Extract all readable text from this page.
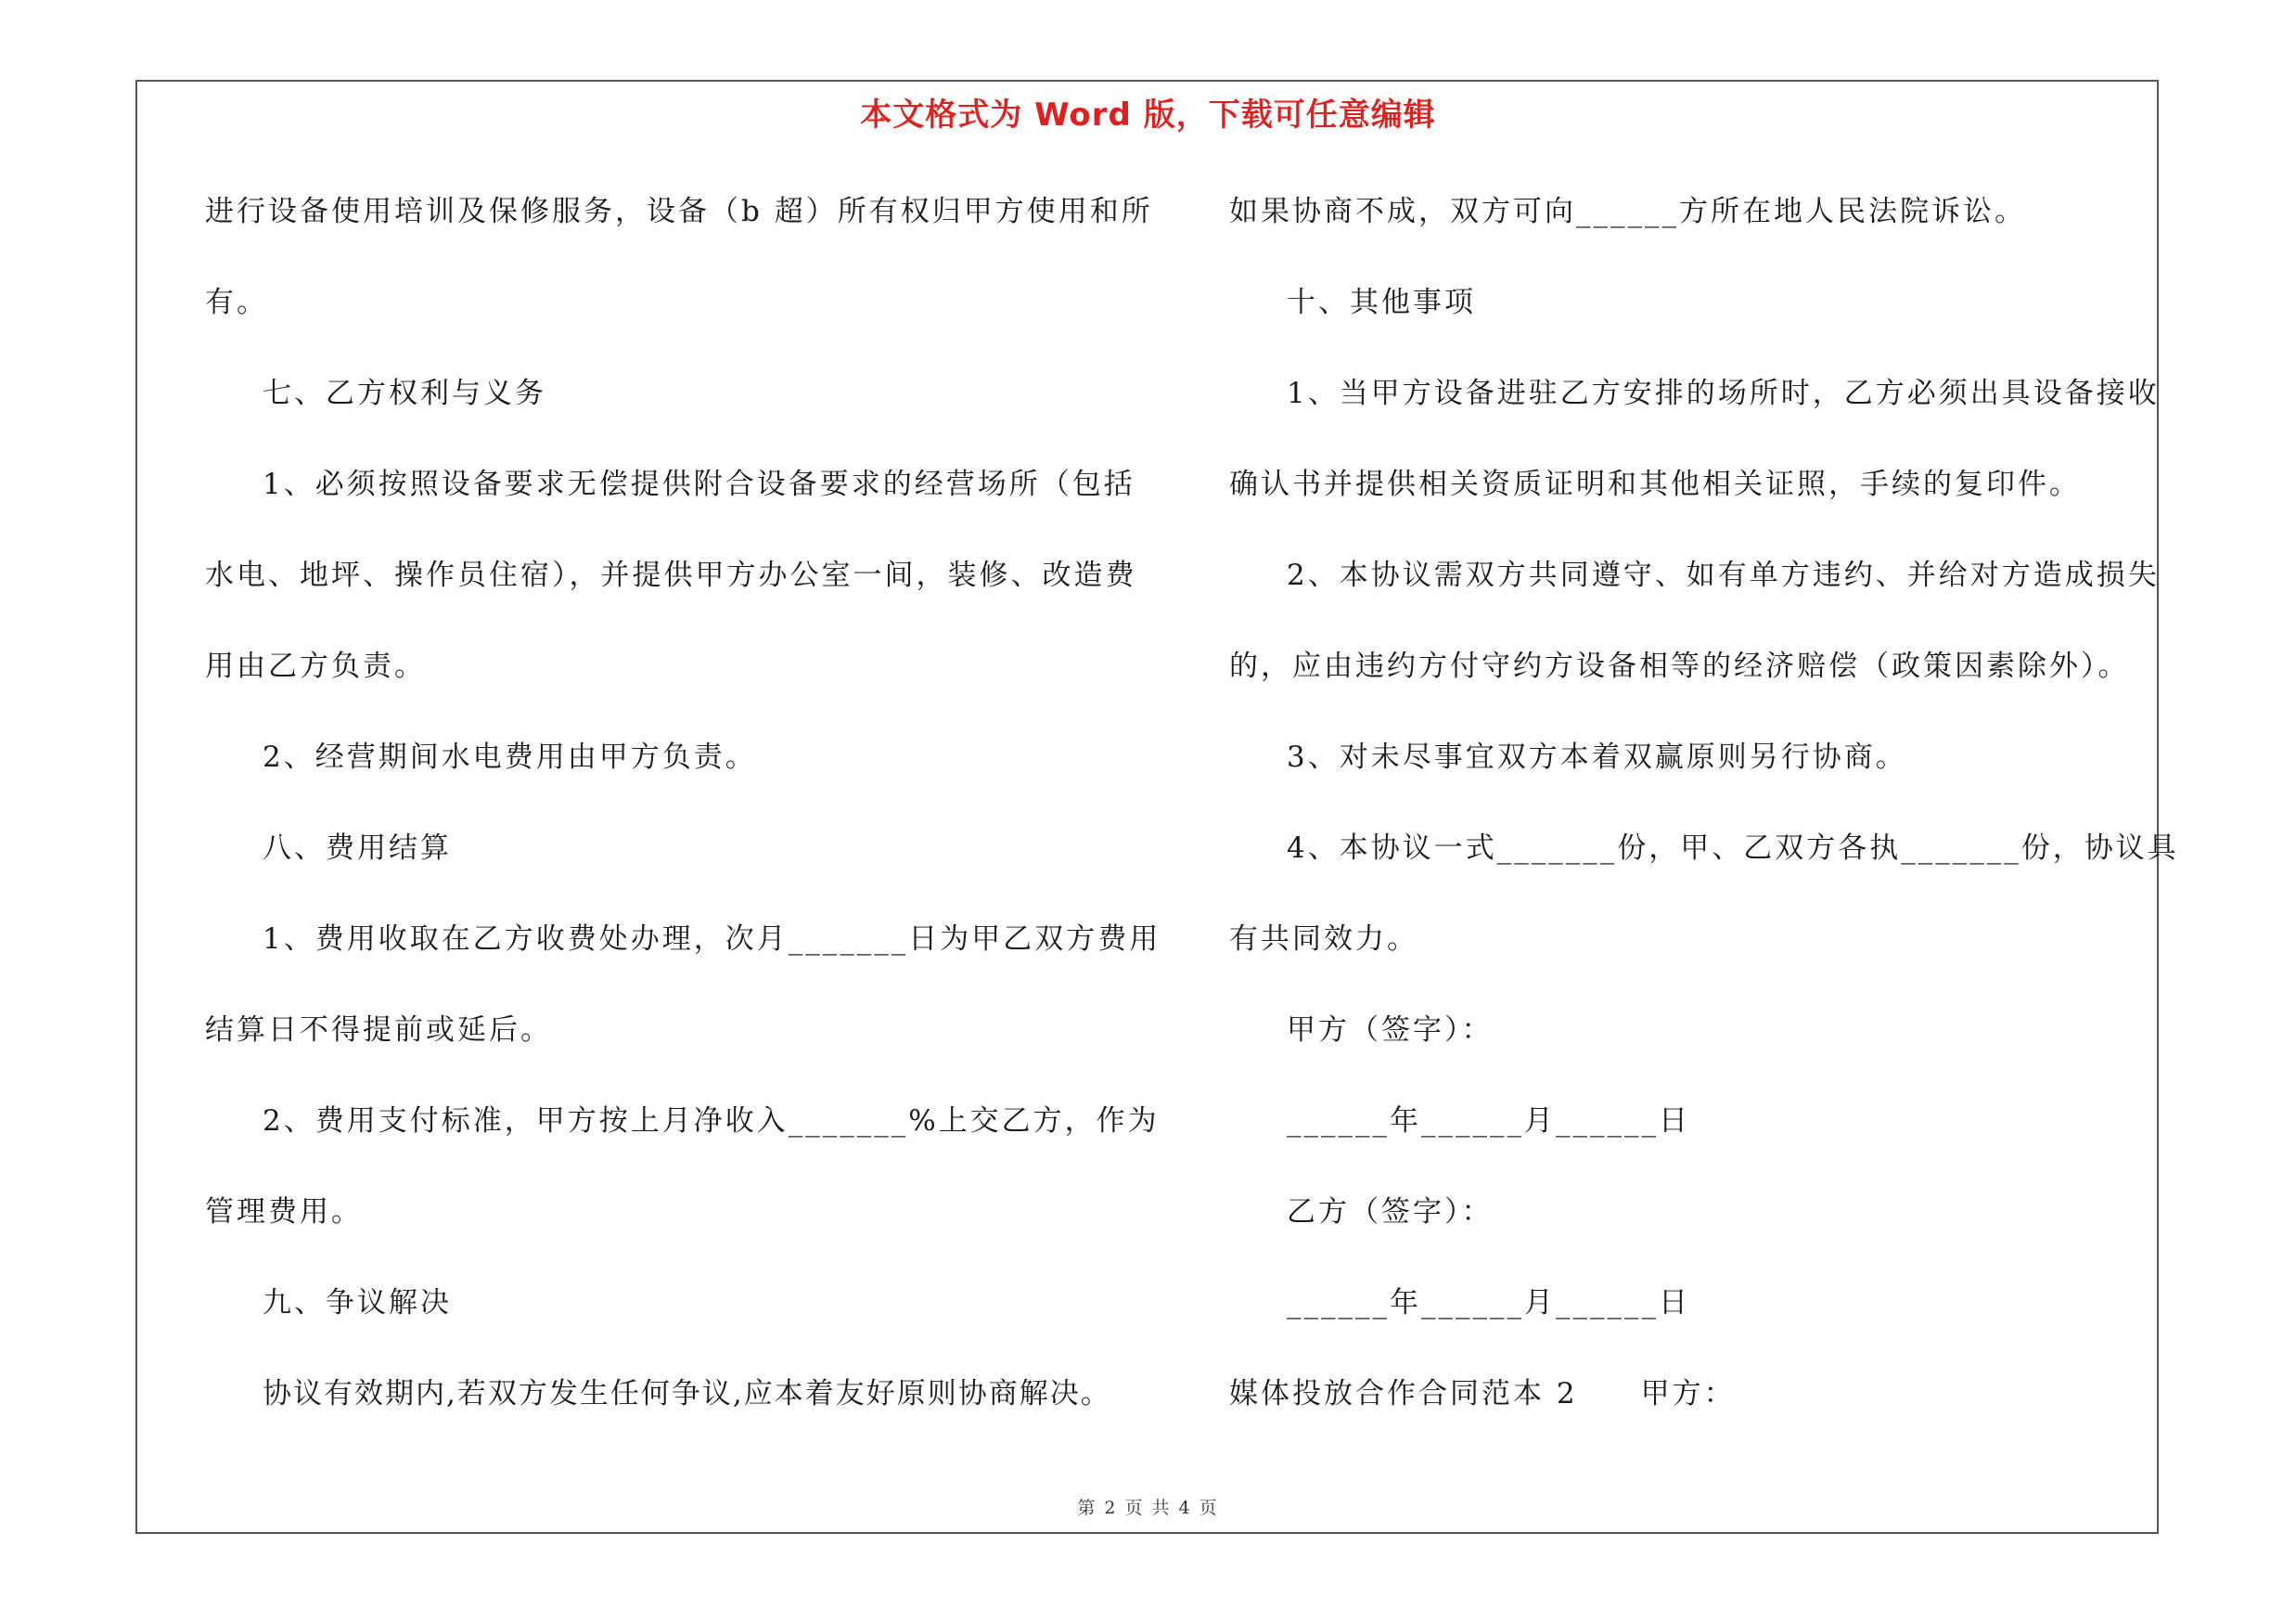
本文格式为 Word 版，下载可任意编辑
进行设备使用培训及保修服务，设备（b 超）所有权归甲方使用和所
有。
七、乙方权利与义务
1、必须按照设备要求无偿提供附合设备要求的经营场所（包括
水电、地坪、操作员住宿），并提供甲方办公室一间，装修、改造费
用由乙方负责。
2、经营期间水电费用由甲方负责。
八、费用结算
1、费用收取在乙方收费处办理，次月_______日为甲乙双方费用
结算日不得提前或延后。
2、费用支付标准，甲方按上月净收入_______%上交乙方，作为
管理费用。
九、争议解决
协议有效期内,若双方发生任何争议,应本着友好原则协商解决。
如果协商不成，双方可向______方所在地人民法院诉讼。
十、其他事项
1、当甲方设备进驻乙方安排的场所时，乙方必须出具设备接收
确认书并提供相关资质证明和其他相关证照，手续的复印件。
2、本协议需双方共同遵守、如有单方违约、并给对方造成损失
的，应由违约方付守约方设备相等的经济赔偿（政策因素除外）。
3、对未尽事宜双方本着双赢原则另行协商。
4、本协议一式_______份，甲、乙双方各执_______份，协议具
有共同效力。
甲方（签字）：
______年______月______日
乙方（签字）：
______年______月______日
媒体投放合作合同范本 2　　甲方：
第 2 页 共 4 页
